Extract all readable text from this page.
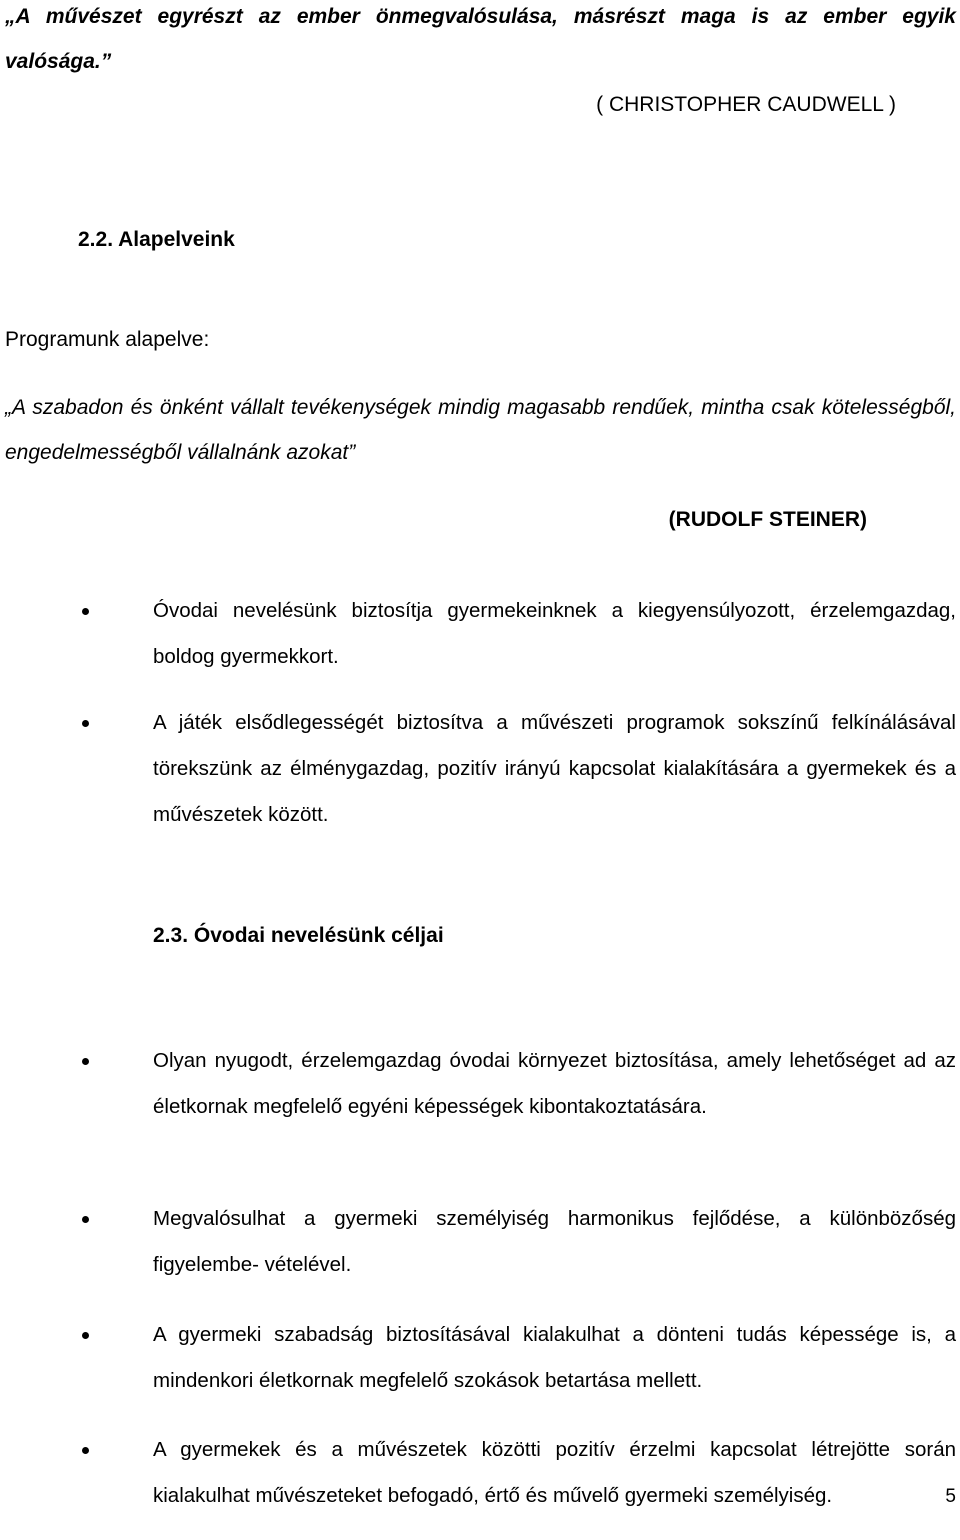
„A művészet egyrészt az ember önmegvalósulása, másrészt maga is az ember egyik valósága.”

( CHRISTOPHER CAUDWELL )

2.2. Alapelveink

Programunk alapelve:

„A szabadon és önként vállalt tevékenységek mindig magasabb rendűek, mintha csak kötelességből, engedelmességből vállalnánk azokat”

(RUDOLF STEINER)

Óvodai nevelésünk biztosítja gyermekeinknek a kiegyensúlyozott, érzelemgazdag, boldog gyermekkort.

A játék elsődlegességét biztosítva a művészeti programok sokszínű felkínálásával törekszünk az élménygazdag, pozitív irányú kapcsolat kialakítására a gyermekek és a művészetek között.

2.3. Óvodai nevelésünk céljai

Olyan nyugodt, érzelemgazdag óvodai környezet biztosítása, amely lehetőséget ad az életkornak megfelelő egyéni képességek kibontakoztatására.

Megvalósulhat a gyermeki személyiség harmonikus fejlődése, a különbözőség figyelembe- vételével.

A gyermeki szabadság biztosításával kialakulhat a dönteni tudás képessége is, a mindenkori életkornak megfelelő szokások betartása mellett.

A gyermekek és a művészetek közötti pozitív érzelmi kapcsolat létrejötte során kialakulhat művészeteket befogadó, értő és művelő gyermeki személyiség.	5
